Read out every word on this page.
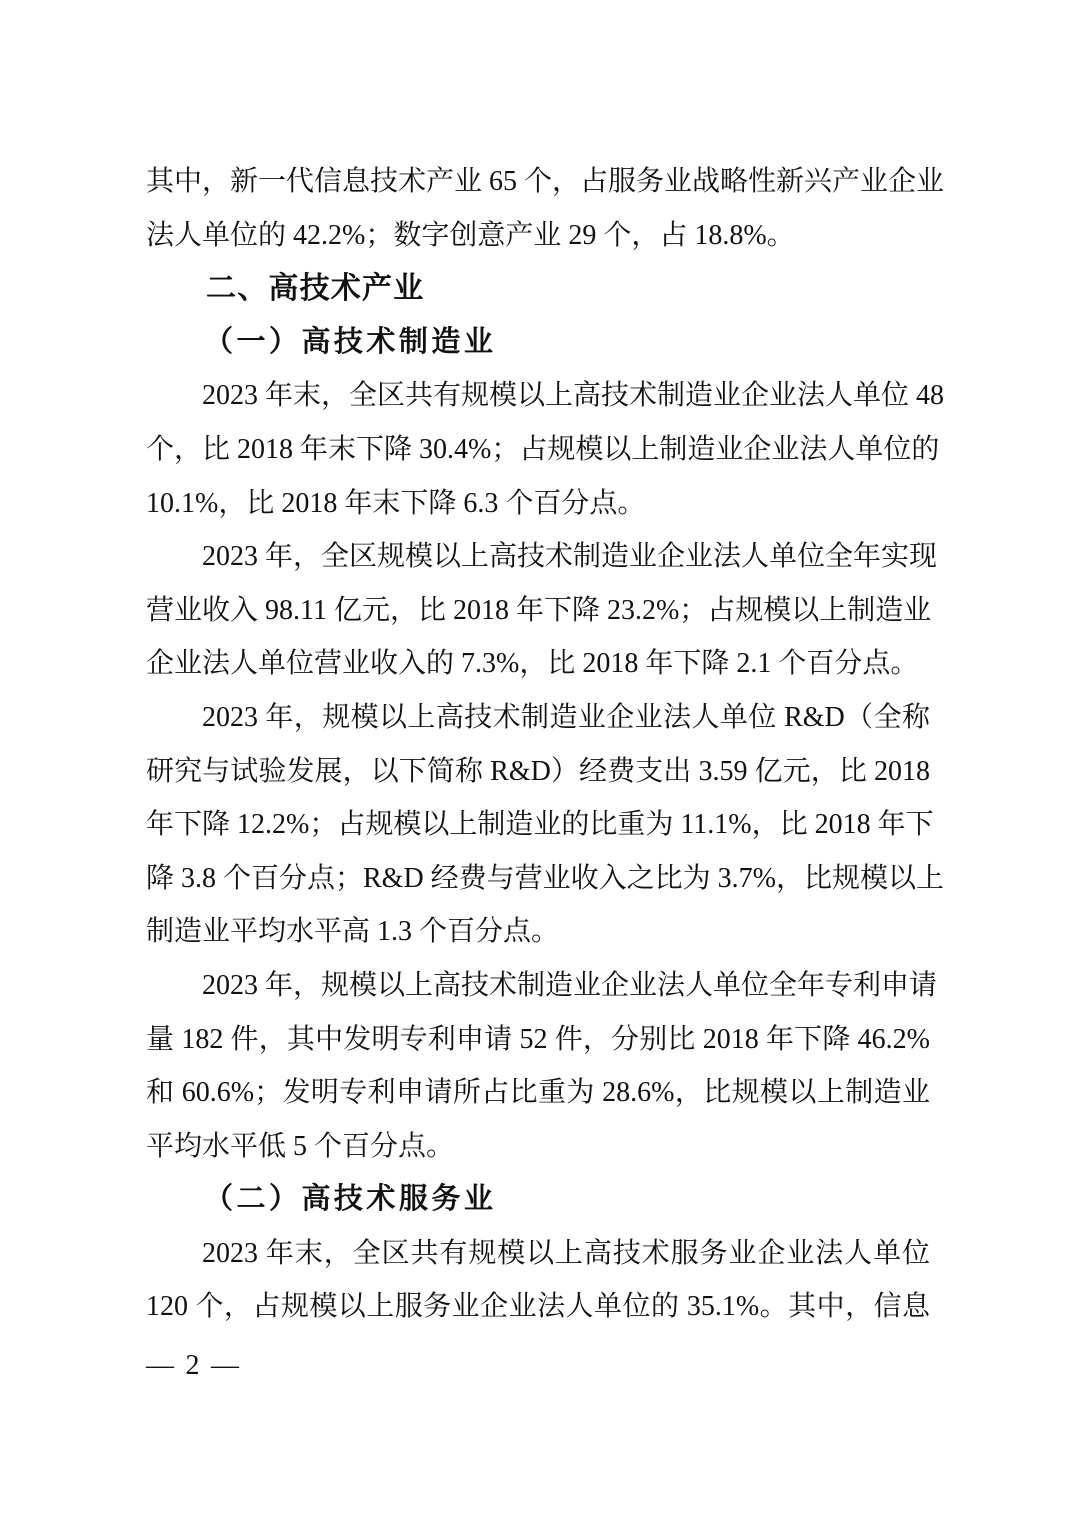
其中，新一代信息技术产业 65 个，占服务业战略性新兴产业企业
法人单位的 42.2%；数字创意产业 29 个，占 18.8%。
二、高技术产业
（一）高技术制造业
2023 年末，全区共有规模以上高技术制造业企业法人单位 48
个，比 2018 年末下降 30.4%；占规模以上制造业企业法人单位的
10.1%，比 2018 年末下降 6.3 个百分点。
2023 年，全区规模以上高技术制造业企业法人单位全年实现
营业收入 98.11 亿元，比 2018 年下降 23.2%；占规模以上制造业
企业法人单位营业收入的 7.3%，比 2018 年下降 2.1 个百分点。
2023 年，规模以上高技术制造业企业法人单位 R&D（全称
研究与试验发展，以下简称 R&D）经费支出 3.59 亿元，比 2018
年下降 12.2%；占规模以上制造业的比重为 11.1%，比 2018 年下
降 3.8 个百分点；R&D 经费与营业收入之比为 3.7%，比规模以上
制造业平均水平高 1.3 个百分点。
2023 年，规模以上高技术制造业企业法人单位全年专利申请
量 182 件，其中发明专利申请 52 件，分别比 2018 年下降 46.2%
和 60.6%；发明专利申请所占比重为 28.6%，比规模以上制造业
平均水平低 5 个百分点。
（二）高技术服务业
2023 年末，全区共有规模以上高技术服务业企业法人单位
120 个，占规模以上服务业企业法人单位的 35.1%。其中，信息
— 2 —
